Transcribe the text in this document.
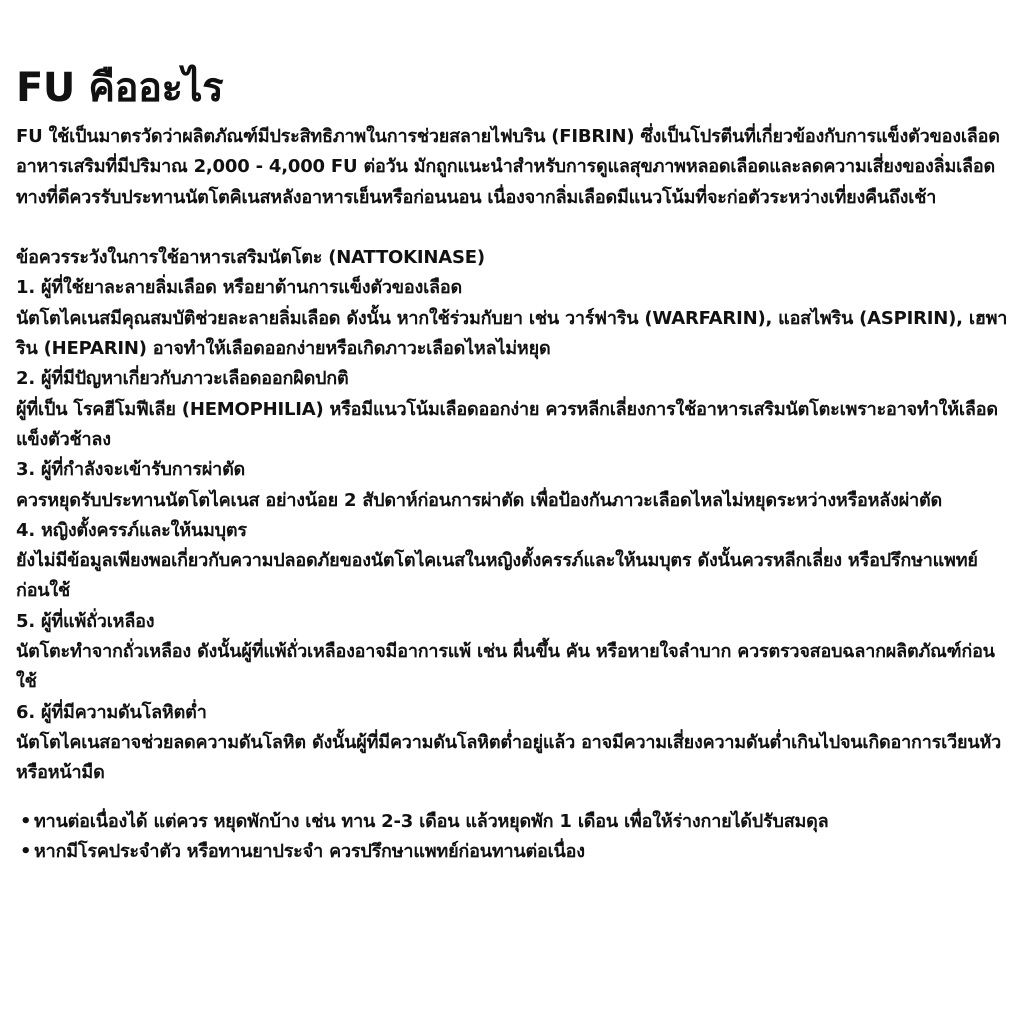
FU คืออะไร

FU ใช้เป็นมาตรวัดว่าผลิตภัณฑ์มีประสิทธิภาพในการช่วยสลายไฟบริน (FIBRIN) ซึ่งเป็นโปรตีนที่เกี่ยวข้องกับการแข็งตัวของเลือด

อาหารเสริมที่มีปริมาณ 2,000 - 4,000 FU ต่อวัน มักถูกแนะนำสำหรับการดูแลสุขภาพหลอดเลือดและลดความเสี่ยงของลิ่มเลือดทางที่ดีควรรับประทานนัตโตคิเนสหลังอาหารเย็นหรือก่อนนอน เนื่องจากลิ่มเลือดมีแนวโน้มที่จะก่อตัวระหว่างเที่ยงคืนถึงเช้า

ข้อควรระวังในการใช้อาหารเสริมนัตโตะ (NATTOKINASE)

1. ผู้ที่ใช้ยาละลายลิ่มเลือด หรือยาต้านการแข็งตัวของเลือด

นัตโตไคเนสมีคุณสมบัติช่วยละลายลิ่มเลือด ดังนั้น หากใช้ร่วมกับยา เช่น วาร์ฟาริน (WARFARIN), แอสไพริน (ASPIRIN), เฮพาริน (HEPARIN) อาจทำให้เลือดออกง่ายหรือเกิดภาวะเลือดไหลไม่หยุด

2. ผู้ที่มีปัญหาเกี่ยวกับภาวะเลือดออกผิดปกติ

ผู้ที่เป็น โรคฮีโมฟีเลีย (HEMOPHILIA) หรือมีแนวโน้มเลือดออกง่าย ควรหลีกเลี่ยงการใช้อาหารเสริมนัตโตะเพราะอาจทำให้เลือดแข็งตัวช้าลง

3. ผู้ที่กำลังจะเข้ารับการผ่าตัด

ควรหยุดรับประทานนัตโตไคเนส อย่างน้อย 2 สัปดาห์ก่อนการผ่าตัด เพื่อป้องกันภาวะเลือดไหลไม่หยุดระหว่างหรือหลังผ่าตัด

4. หญิงตั้งครรภ์และให้นมบุตร

ยังไม่มีข้อมูลเพียงพอเกี่ยวกับความปลอดภัยของนัตโตไคเนสในหญิงตั้งครรภ์และให้นมบุตร ดังนั้นควรหลีกเลี่ยง หรือปรึกษาแพทย์ก่อนใช้

5. ผู้ที่แพ้ถั่วเหลือง

นัตโตะทำจากถั่วเหลือง ดังนั้นผู้ที่แพ้ถั่วเหลืองอาจมีอาการแพ้ เช่น ผื่นขึ้น คัน หรือหายใจลำบาก ควรตรวจสอบฉลากผลิตภัณฑ์ก่อนใช้

6. ผู้ที่มีความดันโลหิตต่ำ

นัตโตไคเนสอาจช่วยลดความดันโลหิต ดังนั้นผู้ที่มีความดันโลหิตต่ำอยู่แล้ว อาจมีความเสี่ยงความดันต่ำเกินไปจนเกิดอาการเวียนหัวหรือหน้ามืด

• ทานต่อเนื่องได้ แต่ควร หยุดพักบ้าง เช่น ทาน 2-3 เดือน แล้วหยุดพัก 1 เดือน เพื่อให้ร่างกายได้ปรับสมดุล
• หากมีโรคประจำตัว หรือทานยาประจำ ควรปรึกษาแพทย์ก่อนทานต่อเนื่อง
